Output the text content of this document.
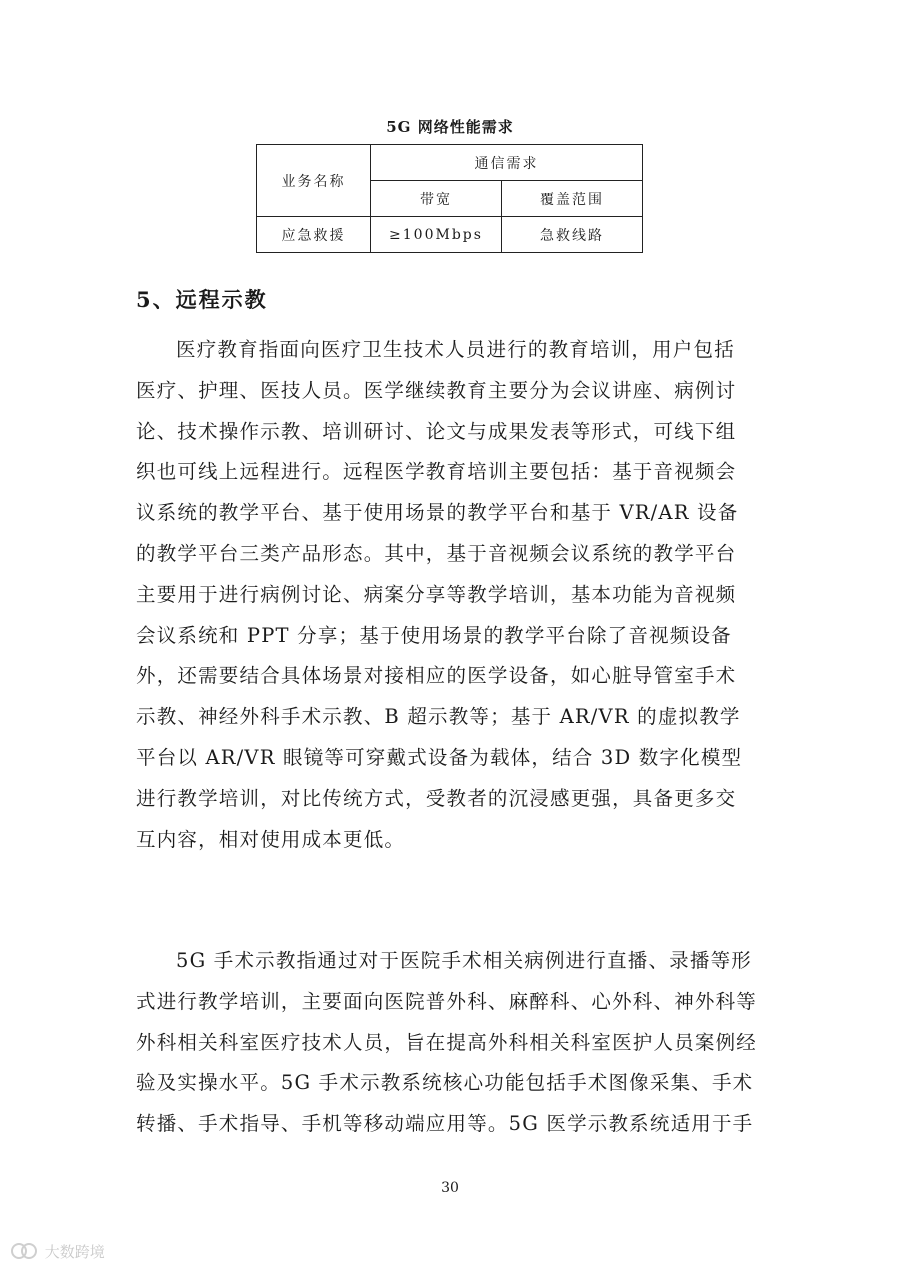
5G 网络性能需求
业务名称	通信需求	
	带宽	覆盖范围
应急救援	≥100Mbps	急救线路
5、远程示教
医疗教育指面向医疗卫生技术人员进行的教育培训，用户包括
医疗、护理、医技人员。医学继续教育主要分为会议讲座、病例讨
论、技术操作示教、培训研讨、论文与成果发表等形式，可线下组
织也可线上远程进行。远程医学教育培训主要包括：基于音视频会
议系统的教学平台、基于使用场景的教学平台和基于 VR/AR 设备
的教学平台三类产品形态。其中，基于音视频会议系统的教学平台
主要用于进行病例讨论、病案分享等教学培训，基本功能为音视频
会议系统和 PPT 分享；基于使用场景的教学平台除了音视频设备
外，还需要结合具体场景对接相应的医学设备，如心脏导管室手术
示教、神经外科手术示教、B 超示教等；基于 AR/VR 的虚拟教学
平台以 AR/VR 眼镜等可穿戴式设备为载体，结合 3D 数字化模型
进行教学培训，对比传统方式，受教者的沉浸感更强，具备更多交
互内容，相对使用成本更低。
5G 手术示教指通过对于医院手术相关病例进行直播、录播等形
式进行教学培训，主要面向医院普外科、麻醉科、心外科、神外科等
外科相关科室医疗技术人员，旨在提高外科相关科室医护人员案例经
验及实操水平。5G 手术示教系统核心功能包括手术图像采集、手术
转播、手术指导、手机等移动端应用等。5G 医学示教系统适用于手
30
大数跨境
